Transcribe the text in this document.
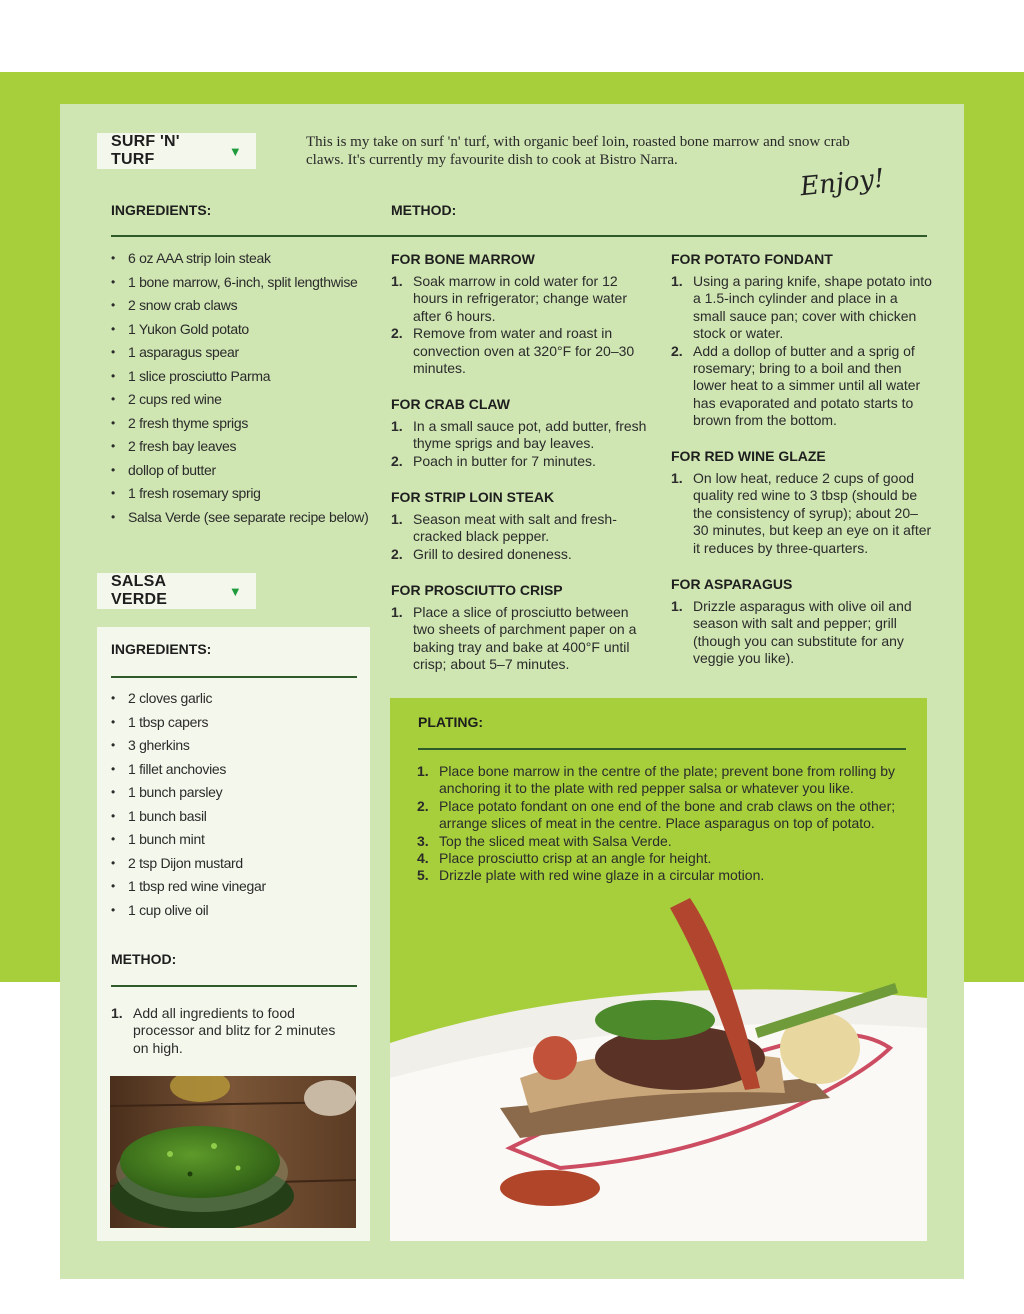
SURF 'N' TURF	▼
This is my take on surf 'n' turf, with organic beef loin, roasted bone marrow and snow crab claws. It's currently my favourite dish to cook at Bistro Narra.
Enjoy!
INGREDIENTS:	METHOD:
• 6 oz AAA strip loin steak
• 1 bone marrow, 6-inch, split lengthwise
• 2 snow crab claws
• 1 Yukon Gold potato
• 1 asparagus spear
• 1 slice prosciutto Parma
• 2 cups red wine
• 2 fresh thyme sprigs
• 2 fresh bay leaves
• dollop of butter
• 1 fresh rosemary sprig
• Salsa Verde (see separate recipe below)
FOR BONE MARROW
1. Soak marrow in cold water for 12 hours in refrigerator; change water after 6 hours.
2. Remove from water and roast in convection oven at 320°F for 20–30 minutes.
FOR CRAB CLAW
1. In a small sauce pot, add butter, fresh thyme sprigs and bay leaves.
2. Poach in butter for 7 minutes.
FOR STRIP LOIN STEAK
1. Season meat with salt and fresh-cracked black pepper.
2. Grill to desired doneness.
FOR PROSCIUTTO CRISP
1. Place a slice of prosciutto between two sheets of parchment paper on a baking tray and bake at 400°F until crisp; about 5–7 minutes.
FOR POTATO FONDANT
1. Using a paring knife, shape potato into a 1.5-inch cylinder and place in a small sauce pan; cover with chicken stock or water.
2. Add a dollop of butter and a sprig of rosemary; bring to a boil and then lower heat to a simmer until all water has evaporated and potato starts to brown from the bottom.
FOR RED WINE GLAZE
1. On low heat, reduce 2 cups of good quality red wine to 3 tbsp (should be the consistency of syrup); about 20–30 minutes, but keep an eye on it after it reduces by three-quarters.
FOR ASPARAGUS
1. Drizzle asparagus with olive oil and season with salt and pepper; grill (though you can substitute for any veggie you like).
SALSA VERDE	▼
INGREDIENTS:
• 2 cloves garlic
• 1 tbsp capers
• 3 gherkins
• 1 fillet anchovies
• 1 bunch parsley
• 1 bunch basil
• 1 bunch mint
• 2 tsp Dijon mustard
• 1 tbsp red wine vinegar
• 1 cup olive oil
METHOD:
1. Add all ingredients to food processor and blitz for 2 minutes on high.
PLATING:
1. Place bone marrow in the centre of the plate; prevent bone from rolling by anchoring it to the plate with red pepper salsa or whatever you like.
2. Place potato fondant on one end of the bone and crab claws on the other; arrange slices of meat in the centre. Place asparagus on top of potato.
3. Top the sliced meat with Salsa Verde.
4. Place prosciutto crisp at an angle for height.
5. Drizzle plate with red wine glaze in a circular motion.
